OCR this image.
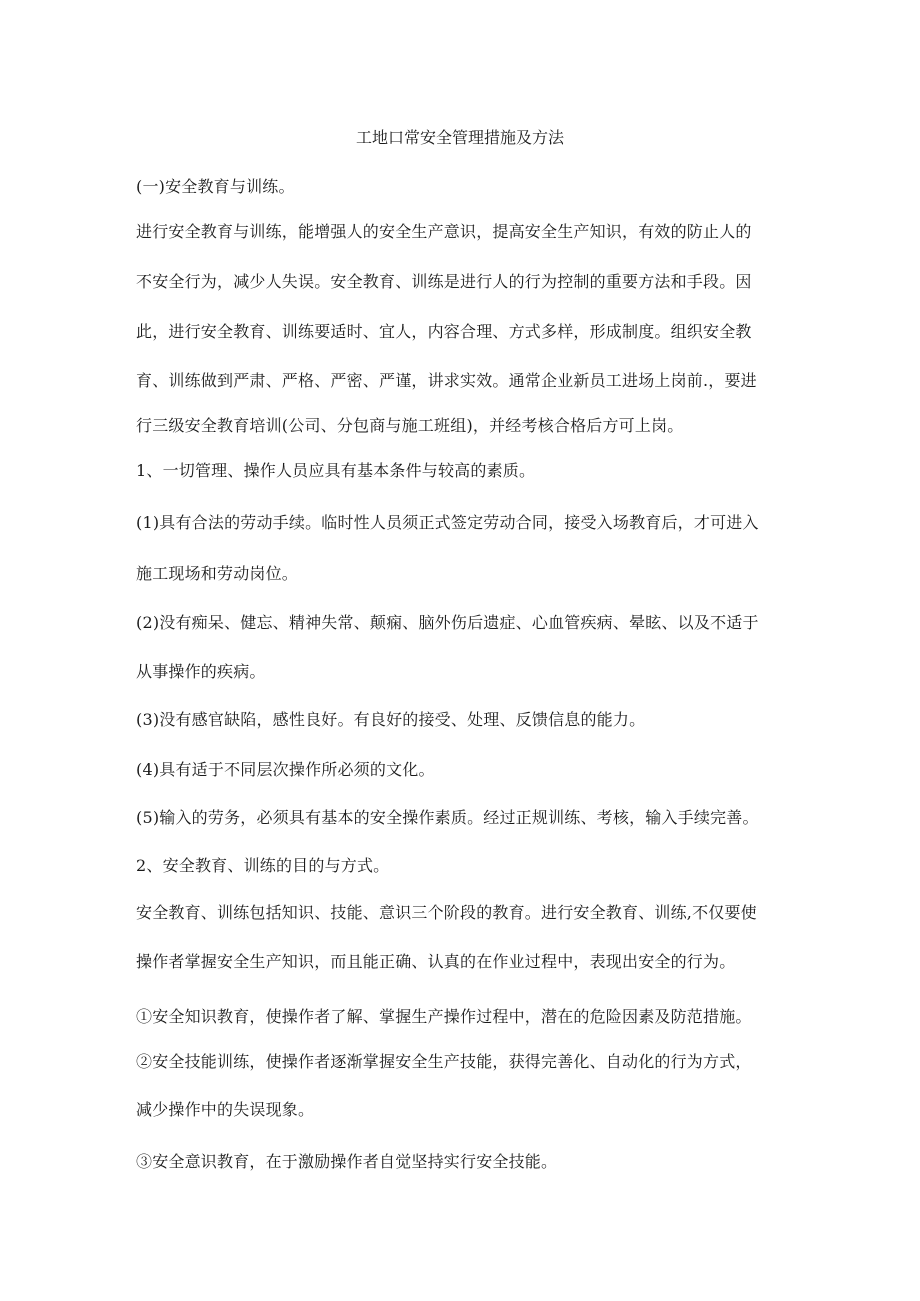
工地口常安全管理措施及方法
(一)安全教育与训练。
进行安全教育与训练，能增强人的安全生产意识，提高安全生产知识，有效的防止人的
不安全行为，减少人失误。安全教育、训练是进行人的行为控制的重要方法和手段。因
此，进行安全教育、训练要适时、宜人，内容合理、方式多样，形成制度。组织安全教
育、训练做到严肃、严格、严密、严谨，讲求实效。通常企业新员工进场上岗前.，要进
行三级安全教育培训(公司、分包商与施工班组)，并经考核合格后方可上岗。
1、一切管理、操作人员应具有基本条件与较高的素质。
(1)具有合法的劳动手续。临时性人员须正式签定劳动合同，接受入场教育后，才可进入
施工现场和劳动岗位。
(2)没有痴呆、健忘、精神失常、颠痫、脑外伤后遗症、心血管疾病、晕眩、以及不适于
从事操作的疾病。
(3)没有感官缺陷，感性良好。有良好的接受、处理、反馈信息的能力。
(4)具有适于不同层次操作所必须的文化。
(5)输入的劳务，必须具有基本的安全操作素质。经过正规训练、考核，输入手续完善。
2、安全教育、训练的目的与方式。
安全教育、训练包括知识、技能、意识三个阶段的教育。进行安全教育、训练,不仅要使
操作者掌握安全生产知识，而且能正确、认真的在作业过程中，表现出安全的行为。
①安全知识教育，使操作者了解、掌握生产操作过程中，潜在的危险因素及防范措施。
②安全技能训练，使操作者逐渐掌握安全生产技能，获得完善化、自动化的行为方式，
减少操作中的失误现象。
③安全意识教育，在于激励操作者自觉坚持实行安全技能。
